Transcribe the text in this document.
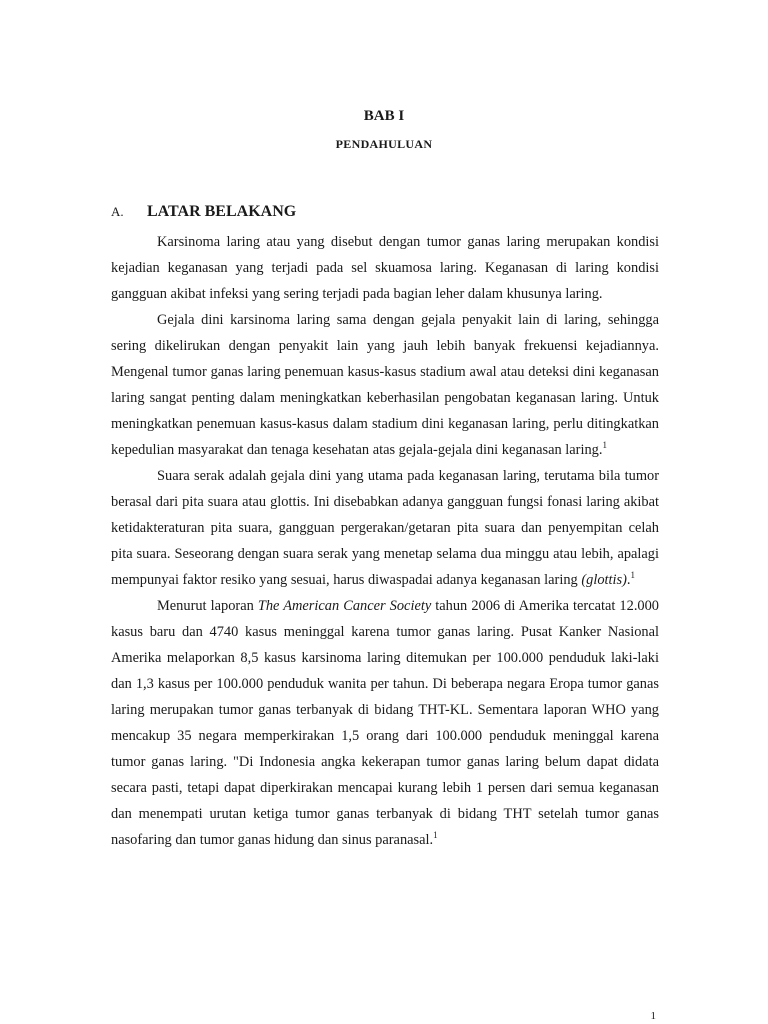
BAB I
PENDAHULUAN
A. LATAR BELAKANG

Karsinoma laring atau yang disebut dengan tumor ganas laring merupakan kondisi kejadian keganasan yang terjadi pada sel skuamosa laring. Keganasan di laring kondisi gangguan akibat infeksi yang sering terjadi pada bagian leher dalam khusunya laring.

Gejala dini karsinoma laring sama dengan gejala penyakit lain di laring, sehingga sering dikelirukan dengan penyakit lain yang jauh lebih banyak frekuensi kejadiannya. Mengenal tumor ganas laring penemuan kasus-kasus stadium awal atau deteksi dini keganasan laring sangat penting dalam meningkatkan keberhasilan pengobatan keganasan laring. Untuk meningkatkan penemuan kasus-kasus dalam stadium dini keganasan laring, perlu ditingkatkan kepedulian masyarakat dan tenaga kesehatan atas gejala-gejala dini keganasan laring.$^1$

Suara serak adalah gejala dini yang utama pada keganasan laring, terutama bila tumor berasal dari pita suara atau glottis. Ini disebabkan adanya gangguan fungsi fonasi laring akibat ketidakteraturan pita suara, gangguan pergerakan/getaran pita suara dan penyempitan celah pita suara. Seseorang dengan suara serak yang menetap selama dua minggu atau lebih, apalagi mempunyai faktor resiko yang sesuai, harus diwaspadai adanya keganasan laring (glottis).$^1$

Menurut laporan The American Cancer Society tahun 2006 di Amerika tercatat 12.000 kasus baru dan 4740 kasus meninggal karena tumor ganas laring. Pusat Kanker Nasional Amerika melaporkan 8,5 kasus karsinoma laring ditemukan per 100.000 penduduk laki-laki dan 1,3 kasus per 100.000 penduduk wanita per tahun. Di beberapa negara Eropa tumor ganas laring merupakan tumor ganas terbanyak di bidang THT-KL. Sementara laporan WHO yang mencakup 35 negara memperkirakan 1,5 orang dari 100.000 penduduk meninggal karena tumor ganas laring. "Di Indonesia angka kekerapan tumor ganas laring belum dapat didata secara pasti, tetapi dapat diperkirakan mencapai kurang lebih 1 persen dari semua keganasan dan menempati urutan ketiga tumor ganas terbanyak di bidang THT setelah tumor ganas nasofaring dan tumor ganas hidung dan sinus paranasal.$^1$

1
